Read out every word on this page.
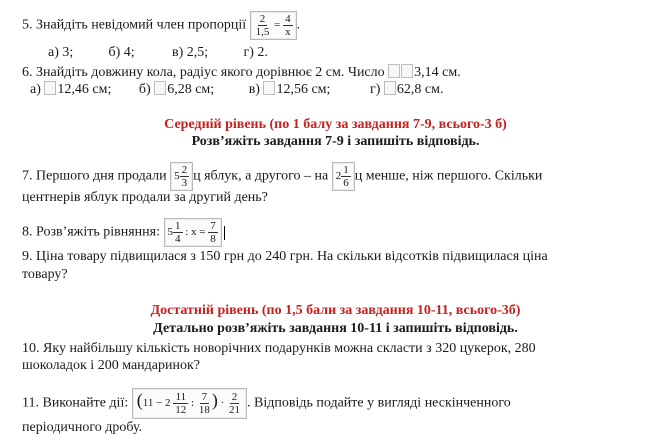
5. Знайдіть невідомий член пропорції $\frac{2}{1,5} = \frac{4}{x}$ .
а) 3;	б) 4;	в) 2,5;	г) 2.
6. Знайдіть довжину кола, радіус якого дорівнює 2 см. Число 3,14 см.
а) 12,46 см; б) 6,28 см; в) 12,56 см;	г) 62,8 см.
Середній рівень (по 1 балу за завдання 7-9, всього-3 б)
Розв’яжіть завдання 7-9 і запишіть відповідь.
7. Першого дня продали $5 \frac{2}{3}$ ц яблук, а другого – на $2 \frac{1}{6}$ ц менше, ніж першого. Скільки
центнерів яблук продали за другий день?
8. Розв’яжіть рівняння: $5 \frac{1}{4}$ : $x = \frac{7}{8}$
9. Ціна товару підвищилася з 150 грн до 240 грн. На скільки відсотків підвищилася ціна
товару?
Достатній рівень (по 1,5 бали за завдання 10-11, всього-3б)
Детально розв’яжіть завдання 10-11 і запишіть відповідь.
10. Яку найбільшу кількість новорічних подарунків можна скласти з 320 цукерок, 280
шоколадок і 200 мандаринок?
11. Виконайте дії: ($11 - 2 \frac{11}{12}$ : $\frac{7}{18}$ ) · $\frac{2}{21}$ . Відповідь подайте у вигляді нескінченного
періодичного дробу.
